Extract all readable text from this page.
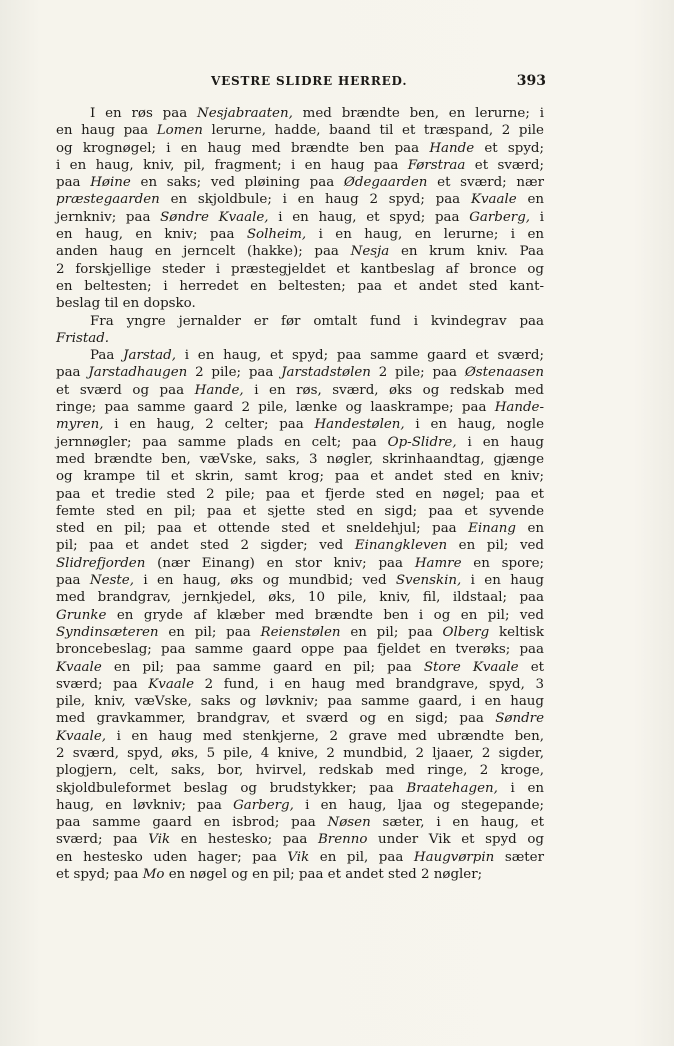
VESTRE SLIDRE HERRED.	393
I en røs paa Nesjabraaten, med brændte ben, en lerurne; i
en haug paa Lomen lerurne, hadde, baand til et træspand, 2 pile
og krognøgel; i en haug med brændte ben paa Hande et spyd;
i en haug, kniv, pil, fragment; i en haug paa Førstraa et sværd;
paa Høine en saks; ved pløining paa Ødegaarden et sværd; nær
præstegaarden en skjoldbule; i en haug 2 spyd; paa Kvaale en
jernkniv; paa Søndre Kvaale, i en haug, et spyd; paa Garberg, i
en haug, en kniv; paa Solheim, i en haug, en lerurne; i en
anden haug en jerncelt (hakke); paa Nesja en krum kniv. Paa
2 forskjellige steder i præstegjeldet et kantbeslag af bronce og
en beltesten; i herredet en beltesten; paa et andet sted kant-
beslag til en dopsko.
Fra yngre jernalder er før omtalt fund i kvindegrav paa
Fristad.
Paa Jarstad, i en haug, et spyd; paa samme gaard et sværd;
paa Jarstadhaugen 2 pile; paa Jarstadstølen 2 pile; paa Østenaasen
et sværd og paa Hande, i en røs, sværd, øks og redskab med
ringe; paa samme gaard 2 pile, lænke og laaskrampe; paa Hande-
myren, i en haug, 2 celter; paa Handestølen, i en haug, nogle
jernnøgler; paa samme plads en celt; paa Op-Slidre, i en haug
med brændte ben, væVske, saks, 3 nøgler, skrinhaandtag, gjænge
og krampe til et skrin, samt krog; paa et andet sted en kniv;
paa et tredie sted 2 pile; paa et fjerde sted en nøgel; paa et
femte sted en pil; paa et sjette sted en sigd; paa et syvende
sted en pil; paa et ottende sted et sneldehjul; paa Einang en
pil; paa et andet sted 2 sigder; ved Einangkleven en pil; ved
Slidrefjorden (nær Einang) en stor kniv; paa Hamre en spore;
paa Neste, i en haug, øks og mundbid; ved Svenskin, i en haug
med brandgrav, jernkjedel, øks, 10 pile, kniv, fil, ildstaal; paa
Grunke en gryde af klæber med brændte ben i og en pil; ved
Syndinsæteren en pil; paa Reienstølen en pil; paa Olberg keltisk
broncebeslag; paa samme gaard oppe paa fjeldet en tverøks; paa
Kvaale en pil; paa samme gaard en pil; paa Store Kvaale et
sværd; paa Kvaale 2 fund, i en haug med brandgrave, spyd, 3
pile, kniv, væVske, saks og løvkniv; paa samme gaard, i en haug
med gravkammer, brandgrav, et sværd og en sigd; paa Søndre
Kvaale, i en haug med stenkjerne, 2 grave med ubrændte ben,
2 sværd, spyd, øks, 5 pile, 4 knive, 2 mundbid, 2 ljaaer, 2 sigder,
plogjern, celt, saks, bor, hvirvel, redskab med ringe, 2 kroge,
skjoldbuleformet beslag og brudstykker; paa Braatehagen, i en
haug, en løvkniv; paa Garberg, i en haug, ljaa og stegepande;
paa samme gaard en isbrod; paa Nøsen sæter, i en haug, et
sværd; paa Vik en hestesko; paa Brenno under Vik et spyd og
en hestesko uden hager; paa Vik en pil, paa Haugvørpin sæter
et spyd; paa Mo en nøgel og en pil; paa et andet sted 2 nøgler;
